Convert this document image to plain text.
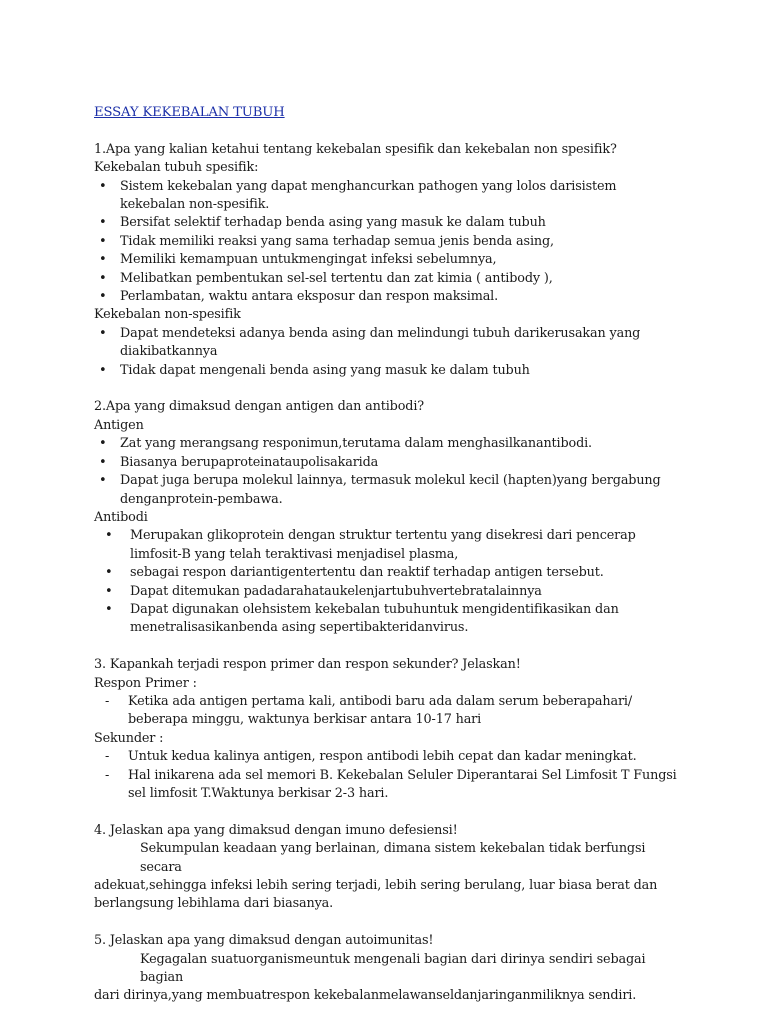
ESSAY KEKEBALAN TUBUH

1.Apa yang kalian ketahui tentang kekebalan spesifik dan kekebalan non spesifik?

Kekebalan tubuh spesifik:

• Sistem kekebalan yang dapat menghancurkan pathogen yang lolos darisistem kekebalan non-spesifik.
• Bersifat selektif terhadap benda asing yang masuk ke dalam tubuh
• Tidak memiliki reaksi yang sama terhadap semua jenis benda asing,
• Memiliki kemampuan untukmengingat infeksi sebelumnya,
• Melibatkan pembentukan sel-sel tertentu dan zat kimia ( antibody ),
• Perlambatan, waktu antara eksposur dan respon maksimal.

Kekebalan non-spesifik

• Dapat mendeteksi adanya benda asing dan melindungi tubuh darikerusakan yang diakibatkannya
• Tidak dapat mengenali benda asing yang masuk ke dalam tubuh

2.Apa yang dimaksud dengan antigen dan antibodi?

Antigen

• Zat yang merangsang responimun,terutama dalam menghasilkanantibodi.
• Biasanya berupaproteinataupolisakarida
• Dapat juga berupa molekul lainnya, termasuk molekul kecil (hapten)yang bergabung denganprotein-pembawa.

Antibodi

• Merupakan glikoprotein dengan struktur tertentu yang disekresi dari pencerap limfosit-B yang telah teraktivasi menjadisel plasma,
• sebagai respon dariantigentertentu dan reaktif terhadap antigen tersebut.
• Dapat ditemukan padadarahataukelenjartubuhvertebratalainnya
• Dapat digunakan olehsistem kekebalan tubuhuntuk mengidentifikasikan dan menetralisasikanbenda asing sepertibakteridanvirus.

3. Kapankah terjadi respon primer dan respon sekunder? Jelaskan!

Respon Primer :

- Ketika ada antigen pertama kali, antibodi baru ada dalam serum beberapahari/ beberapa minggu, waktunya berkisar antara 10-17 hari

Sekunder :

- Untuk kedua kalinya antigen, respon antibodi lebih cepat dan kadar meningkat.
- Hal inikarena ada sel memori B. Kekebalan Seluler Diperantarai Sel Limfosit T Fungsi sel limfosit T.Waktunya berkisar 2-3 hari.

4. Jelaskan apa yang dimaksud dengan imuno defesiensi!

Sekumpulan keadaan yang berlainan, dimana sistem kekebalan tidak berfungsi secara

adekuat,sehingga infeksi lebih sering terjadi, lebih sering berulang, luar biasa berat dan

berlangsung lebihlama dari biasanya.

5. Jelaskan apa yang dimaksud dengan autoimunitas!

Kegagalan suatuorganismeuntuk mengenali bagian dari dirinya sendiri sebagai bagian

dari dirinya,yang membuatrespon kekebalanmelawanseldanjaringanmiliknya sendiri.
